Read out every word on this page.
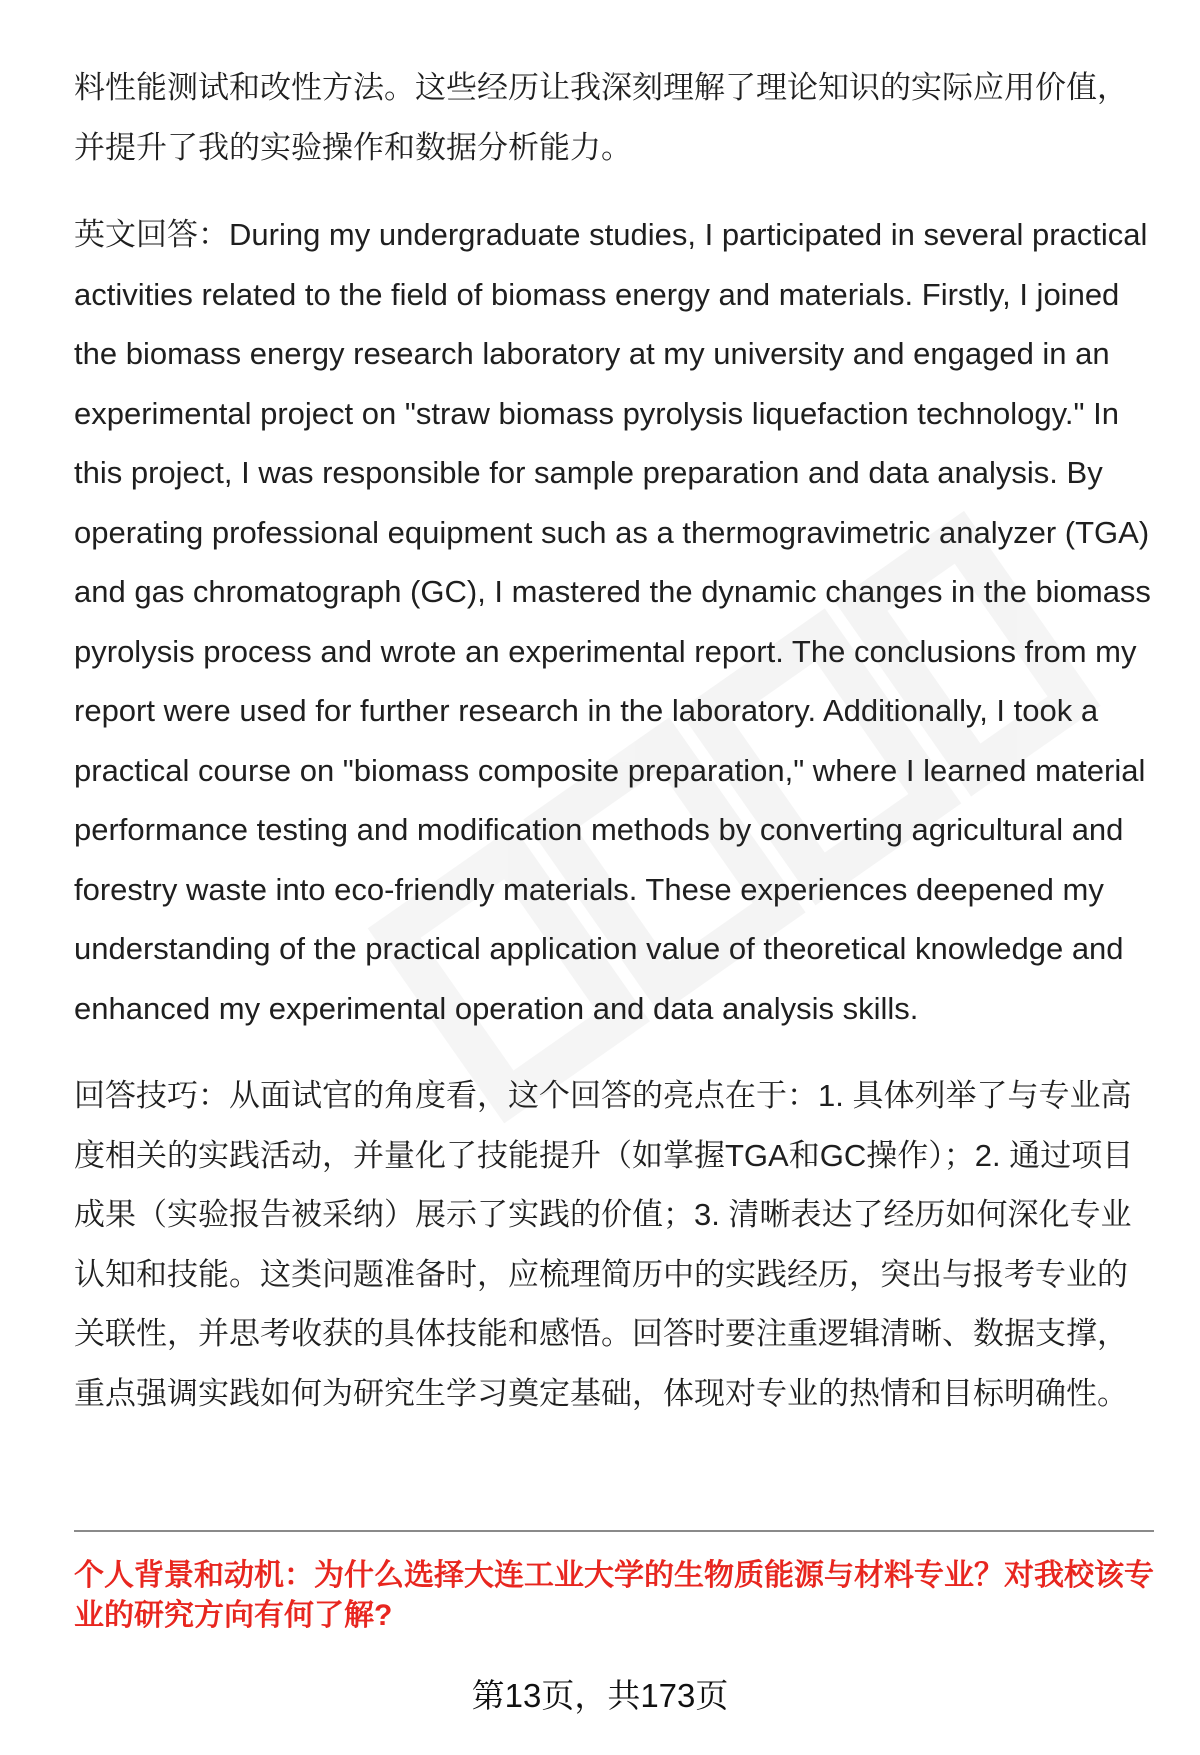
料性能测试和改性方法。这些经历让我深刻理解了理论知识的实际应用价值，并提升了我的实验操作和数据分析能力。

英文回答：During my undergraduate studies, I participated in several practical activities related to the field of biomass energy and materials. Firstly, I joined the biomass energy research laboratory at my university and engaged in an experimental project on "straw biomass pyrolysis liquefaction technology." In this project, I was responsible for sample preparation and data analysis. By operating professional equipment such as a thermogravimetric analyzer (TGA) and gas chromatograph (GC), I mastered the dynamic changes in the biomass pyrolysis process and wrote an experimental report. The conclusions from my report were used for further research in the laboratory. Additionally, I took a practical course on "biomass composite preparation," where I learned material performance testing and modification methods by converting agricultural and forestry waste into eco-friendly materials. These experiences deepened my understanding of the practical application value of theoretical knowledge and enhanced my experimental operation and data analysis skills.

回答技巧：从面试官的角度看，这个回答的亮点在于：1. 具体列举了与专业高度相关的实践活动，并量化了技能提升（如掌握TGA和GC操作）；2. 通过项目成果（实验报告被采纳）展示了实践的价值；3. 清晰表达了经历如何深化专业认知和技能。这类问题准备时，应梳理简历中的实践经历，突出与报考专业的关联性，并思考收获的具体技能和感悟。回答时要注重逻辑清晰、数据支撑，重点强调实践如何为研究生学习奠定基础，体现对专业的热情和目标明确性。

个人背景和动机：为什么选择大连工业大学的生物质能源与材料专业？对我校该专业的研究方向有何了解?

第13页，共173页
